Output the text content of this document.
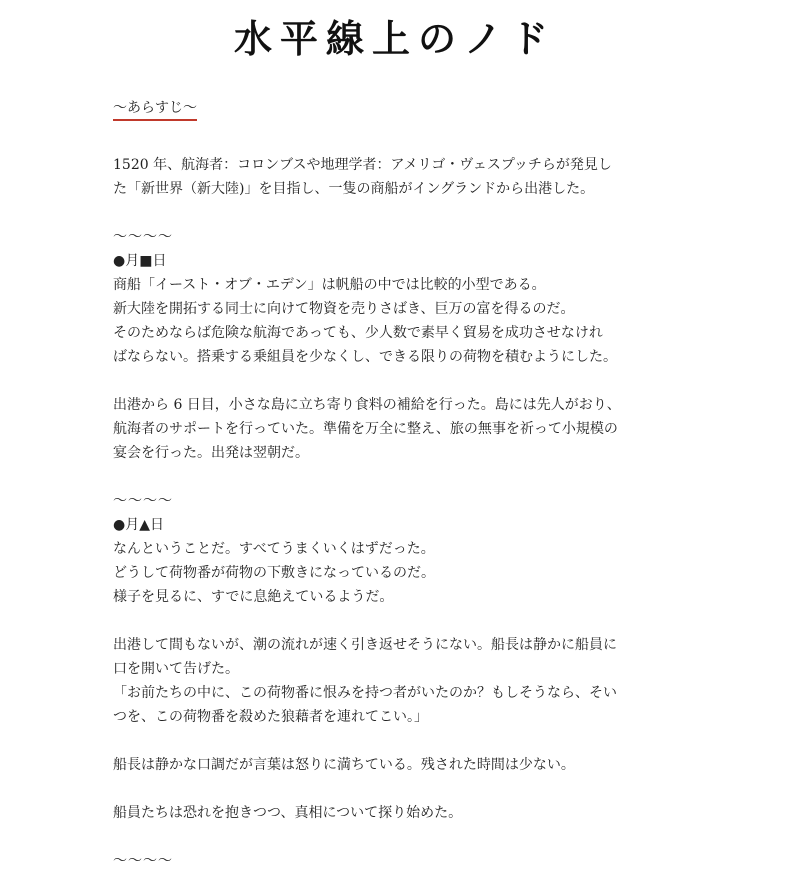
水平線上のノド
～あらすじ～
1520 年、航海者：コロンブスや地理学者：アメリゴ・ヴェスプッチらが発見し
た「新世界（新大陸)」を目指し、一隻の商船がイングランドから出港した。
～～～～
●月■日
商船「イースト・オブ・エデン」は帆船の中では比較的小型である。
新大陸を開拓する同士に向けて物資を売りさばき、巨万の富を得るのだ。
そのためならば危険な航海であっても、少人数で素早く貿易を成功させなけれ
ばならない。搭乗する乗組員を少なくし、できる限りの荷物を積むようにした。
出港から 6 日目，小さな島に立ち寄り食料の補給を行った。島には先人がおり、
航海者のサポートを行っていた。準備を万全に整え、旅の無事を祈って小規模の
宴会を行った。出発は翌朝だ。
～～～～
●月▲日
なんということだ。すべてうまくいくはずだった。
どうして荷物番が荷物の下敷きになっているのだ。
様子を見るに、すでに息絶えているようだ。
出港して間もないが、潮の流れが速く引き返せそうにない。船長は静かに船員に
口を開いて告げた。
「お前たちの中に、この荷物番に恨みを持つ者がいたのか？もしそうなら、そい
つを、この荷物番を殺めた狼藉者を連れてこい。」
船長は静かな口調だが言葉は怒りに満ちている。残された時間は少ない。
船員たちは恐れを抱きつつ、真相について探り始めた。
～～～～
